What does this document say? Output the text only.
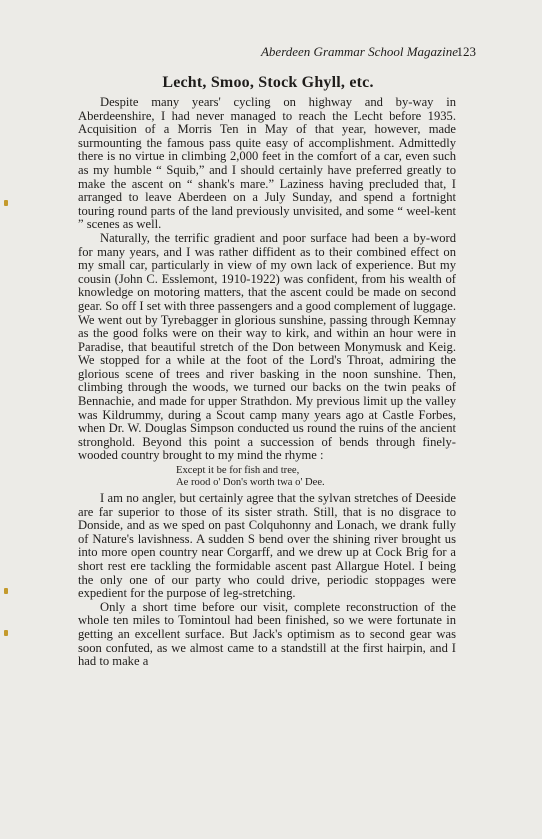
Aberdeen Grammar School Magazine
123
Lecht, Smoo, Stock Ghyll, etc.

Despite many years' cycling on highway and by-way in Aberdeenshire, I had never managed to reach the Lecht before 1935. Acquisition of a Morris Ten in May of that year, however, made surmounting the famous pass quite easy of accomplishment. Admittedly there is no virtue in climbing 2,000 feet in the comfort of a car, even such as my humble “ Squib,” and I should certainly have preferred greatly to make the ascent on “ shank's mare.” Laziness having precluded that, I arranged to leave Aberdeen on a July Sunday, and spend a fortnight touring round parts of the land previously unvisited, and some “ weel-kent ” scenes as well.

Naturally, the terrific gradient and poor surface had been a by-word for many years, and I was rather diffident as to their combined effect on my small car, particularly in view of my own lack of experience. But my cousin (John C. Esslemont, 1910-1922) was confident, from his wealth of knowledge on motoring matters, that the ascent could be made on second gear. So off I set with three passengers and a good complement of luggage. We went out by Tyrebagger in glorious sunshine, passing through Kemnay as the good folks were on their way to kirk, and within an hour were in Paradise, that beautiful stretch of the Don between Monymusk and Keig. We stopped for a while at the foot of the Lord's Throat, admiring the glorious scene of trees and river basking in the noon sunshine. Then, climbing through the woods, we turned our backs on the twin peaks of Bennachie, and made for upper Strathdon. My previous limit up the valley was Kildrummy, during a Scout camp many years ago at Castle Forbes, when Dr. W. Douglas Simpson conducted us round the ruins of the ancient stronghold. Beyond this point a succession of bends through finely-wooded country brought to my mind the rhyme :

Except it be for fish and tree,
Ae rood o' Don's worth twa o' Dee.

I am no angler, but certainly agree that the sylvan stretches of Deeside are far superior to those of its sister strath. Still, that is no disgrace to Donside, and as we sped on past Colquhonny and Lonach, we drank fully of Nature's lavishness. A sudden S bend over the shining river brought us into more open country near Corgarff, and we drew up at Cock Brig for a short rest ere tackling the formidable ascent past Allargue Hotel. I being the only one of our party who could drive, periodic stoppages were expedient for the purpose of leg-stretching.

Only a short time before our visit, complete reconstruction of the whole ten miles to Tomintoul had been finished, so we were fortunate in getting an excellent surface. But Jack's optimism as to second gear was soon confuted, as we almost came to a standstill at the first hairpin, and I had to make a
